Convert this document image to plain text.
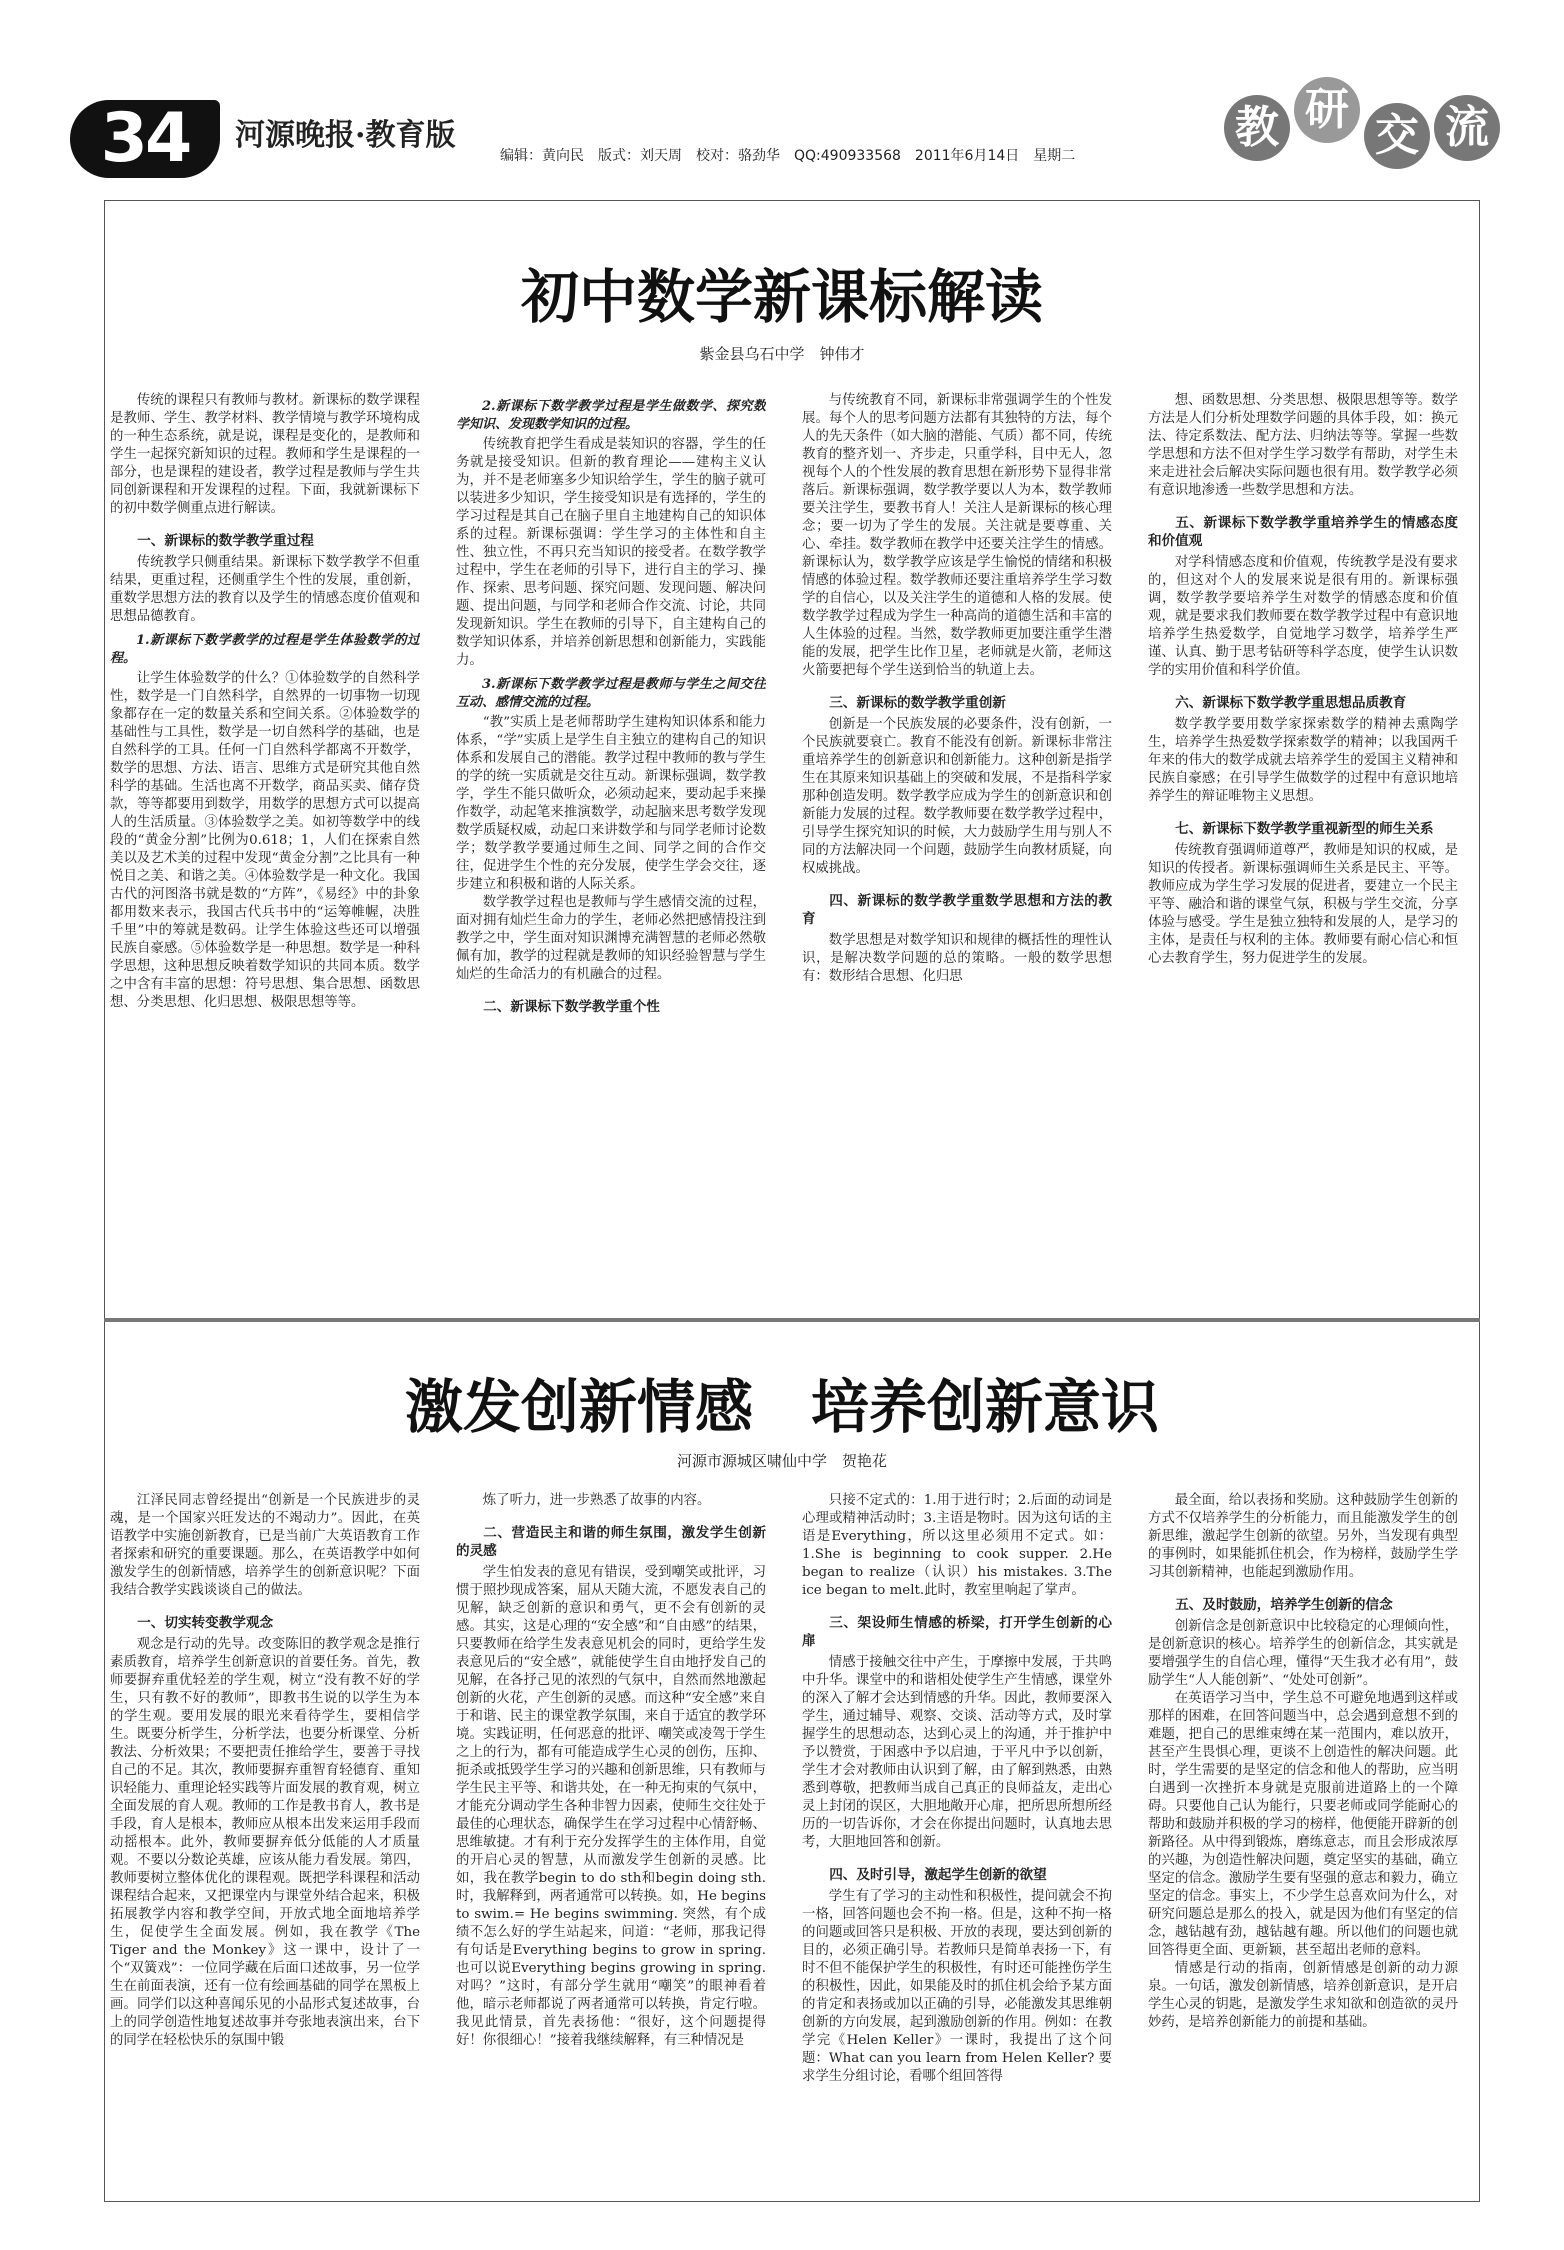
34	河源晚报·教育版
编辑：黄向民　版式：刘天周　校对：骆劲华　QQ:490933568　2011年6月14日　星期二
教 研
交 流
初中数学新课标解读
紫金县乌石中学　钟伟才

传统的课程只有教师与教材。新课标的数学课程是教师、学生、教学材料、教学情境与教学环境构成的一种生态系统，就是说，课程是变化的，是教师和学生一起探究新知识的过程。教师和学生是课程的一部分，也是课程的建设者，教学过程是教师与学生共同创新课程和开发课程的过程。下面，我就新课标下的初中数学侧重点进行解读。

一、新课标的数学教学重过程

传统教学只侧重结果。新课标下数学教学不但重结果，更重过程，还侧重学生个性的发展，重创新，重数学思想方法的教育以及学生的情感态度价值观和思想品德教育。

1.新课标下数学教学的过程是学生体验数学的过程。

让学生体验数学的什么？①体验数学的自然科学性，数学是一门自然科学，自然界的一切事物一切现象都存在一定的数量关系和空间关系。②体验数学的基础性与工具性，数学是一切自然科学的基础，也是自然科学的工具。任何一门自然科学都离不开数学，数学的思想、方法、语言、思维方式是研究其他自然科学的基础。生活也离不开数学，商品买卖、储存贷款，等等都要用到数学，用数学的思想方式可以提高人的生活质量。③体验数学之美。如初等数学中的线段的“黄金分割”比例为0.618；1，人们在探索自然美以及艺术美的过程中发现“黄金分割”之比具有一种悦目之美、和谐之美。④体验数学是一种文化。我国古代的河图洛书就是数的“方阵”，《易经》中的卦象都用数来表示，我国古代兵书中的“运筹帷幄，决胜千里”中的筹就是数码。让学生体验这些还可以增强民族自豪感。⑤体验数学是一种思想。数学是一种科学思想，这种思想反映着数学知识的共同本质。数学之中含有丰富的思想：符号思想、集合思想、函数思想、分类思想、化归思想、极限思想等等。

2.新课标下数学教学过程是学生做数学、探究数学知识、发现数学知识的过程。

传统教育把学生看成是装知识的容器，学生的任务就是接受知识。但新的教育理论——建构主义认为，并不是老师塞多少知识给学生，学生的脑子就可以装进多少知识，学生接受知识是有选择的，学生的学习过程是其自己在脑子里自主地建构自己的知识体系的过程。新课标强调：学生学习的主体性和自主性、独立性，不再只充当知识的接受者。在数学教学过程中，学生在老师的引导下，进行自主的学习、操作、探索、思考问题、探究问题、发现问题、解决问题、提出问题，与同学和老师合作交流、讨论，共同发现新知识。学生在教师的引导下，自主建构自己的数学知识体系，并培养创新思想和创新能力，实践能力。

3.新课标下数学教学过程是教师与学生之间交往互动、感情交流的过程。

“教”实质上是老师帮助学生建构知识体系和能力体系，“学”实质上是学生自主独立的建构自己的知识体系和发展自己的潜能。教学过程中教师的教与学生的学的统一实质就是交往互动。新课标强调，数学教学，学生不能只做听众，必须动起来，要动起手来操作数学，动起笔来推演数学，动起脑来思考数学发现数学质疑权威，动起口来讲数学和与同学老师讨论数学；数学教学要通过师生之间、同学之间的合作交往，促进学生个性的充分发展，使学生学会交往，逐步建立和积极和谐的人际关系。

数学教学过程也是教师与学生感情交流的过程，面对拥有灿烂生命力的学生，老师必然把感情投注到教学之中，学生面对知识渊博充满智慧的老师必然敬佩有加，教学的过程就是教师的知识经验智慧与学生灿烂的生命活力的有机融合的过程。

二、新课标下数学教学重个性

与传统教育不同，新课标非常强调学生的个性发展。每个人的思考问题方法都有其独特的方法，每个人的先天条件（如大脑的潜能、气质）都不同，传统教育的整齐划一、齐步走，只重学科，目中无人，忽视每个人的个性发展的教育思想在新形势下显得非常落后。新课标强调，数学教学要以人为本，数学教师要关注学生，要教书育人！关注人是新课标的核心理念；要一切为了学生的发展。关注就是要尊重、关心、牵挂。数学教师在教学中还要关注学生的情感。新课标认为，数学教学应该是学生愉悦的情绪和积极情感的体验过程。数学教师还要注重培养学生学习数学的自信心，以及关注学生的道德和人格的发展。使数学教学过程成为学生一种高尚的道德生活和丰富的人生体验的过程。当然，数学教师更加要注重学生潜能的发展，把学生比作卫星，老师就是火箭，老师这火箭要把每个学生送到恰当的轨道上去。

三、新课标的数学教学重创新

创新是一个民族发展的必要条件，没有创新，一个民族就要衰亡。教育不能没有创新。新课标非常注重培养学生的创新意识和创新能力。这种创新是指学生在其原来知识基础上的突破和发展，不是指科学家那种创造发明。数学教学应成为学生的创新意识和创新能力发展的过程。数学教师要在数学教学过程中，引导学生探究知识的时候，大力鼓励学生用与别人不同的方法解决同一个问题，鼓励学生向教材质疑，向权威挑战。

四、新课标的数学教学重数学思想和方法的教育

数学思想是对数学知识和规律的概括性的理性认识，是解决数学问题的总的策略。一般的数学思想有：数形结合思想、化归思

想、函数思想、分类思想、极限思想等等。数学方法是人们分析处理数学问题的具体手段，如：换元法、待定系数法、配方法、归纳法等等。掌握一些数学思想和方法不但对学生学习数学有帮助，对学生未来走进社会后解决实际问题也很有用。数学教学必须有意识地渗透一些数学思想和方法。

五、新课标下数学教学重培养学生的情感态度和价值观

对学科情感态度和价值观，传统教学是没有要求的，但这对个人的发展来说是很有用的。新课标强调，数学教学要培养学生对数学的情感态度和价值观，就是要求我们教师要在数学教学过程中有意识地培养学生热爱数学，自觉地学习数学，培养学生严谨、认真、勤于思考钻研等科学态度，使学生认识数学的实用价值和科学价值。

六、新课标下数学教学重思想品质教育

数学教学要用数学家探索数学的精神去熏陶学生，培养学生热爱数学探索数学的精神；以我国两千年来的伟大的数学成就去培养学生的爱国主义精神和民族自豪感；在引导学生做数学的过程中有意识地培养学生的辩证唯物主义思想。

七、新课标下数学教学重视新型的师生关系

传统教育强调师道尊严，教师是知识的权威，是知识的传授者。新课标强调师生关系是民主、平等。教师应成为学生学习发展的促进者，要建立一个民主平等、融洽和谐的课堂气氛，积极与学生交流，分享体验与感受。学生是独立独特和发展的人，是学习的主体，是责任与权利的主体。教师要有耐心信心和恒心去教育学生，努力促进学生的发展。

激发创新情感　培养创新意识
河源市源城区啸仙中学　贺艳花

江泽民同志曾经提出“创新是一个民族进步的灵魂，是一个国家兴旺发达的不竭动力”。因此，在英语教学中实施创新教育，已是当前广大英语教育工作者探索和研究的重要课题。那么，在英语教学中如何激发学生的创新情感，培养学生的创新意识呢？下面我结合教学实践谈谈自己的做法。

一、切实转变教学观念

观念是行动的先导。改变陈旧的教学观念是推行素质教育，培养学生创新意识的首要任务。首先，教师要摒弃重优轻差的学生观，树立“没有教不好的学生，只有教不好的教师”，即教书生说的以学生为本的学生观。要用发展的眼光来看待学生，要相信学生。既要分析学生，分析学法，也要分析课堂、分析教法、分析效果；不要把责任推给学生，要善于寻找自己的不足。其次，教师要摒弃重智育轻德育、重知识轻能力、重理论轻实践等片面发展的教育观，树立全面发展的育人观。教师的工作是教书育人，教书是手段，育人是根本，教师应从根本出发来运用手段而动摇根本。此外，教师要摒弃低分低能的人才质量观。不要以分数论英雄，应该从能力看发展。第四，教师要树立整体优化的课程观。既把学科课程和活动课程结合起来，又把课堂内与课堂外结合起来，积极拓展教学内容和教学空间，开放式地全面地培养学生，促使学生全面发展。例如，我在教学《The Tiger and the Monkey》这一课中，设计了一个“双簧戏”：一位同学藏在后面口述故事，另一位学生在前面表演，还有一位有绘画基础的同学在黑板上画。同学们以这种喜闻乐见的小品形式复述故事，台上的同学创造性地复述故事并夸张地表演出来，台下的同学在轻松快乐的氛围中锻

炼了听力，进一步熟悉了故事的内容。

二、营造民主和谐的师生氛围，激发学生创新的灵感

学生怕发表的意见有错误，受到嘲笑或批评，习惯于照抄现成答案，屈从天随大流，不愿发表自己的见解，缺乏创新的意识和勇气，更不会有创新的灵感。其实，这是心理的“安全感”和“自由感”的结果，只要教师在给学生发表意见机会的同时，更给学生发表意见后的“安全感”，就能使学生自由地抒发自己的见解，在各抒己见的浓烈的气氛中，自然而然地激起创新的火花，产生创新的灵感。而这种“安全感”来自于和谐、民主的课堂教学氛围，来自于适宜的教学环境。实践证明，任何恶意的批评、嘲笑或凌驾于学生之上的行为，都有可能造成学生心灵的创伤，压抑、扼杀或抵毁学生学习的兴趣和创新思维，只有教师与学生民主平等、和谐共处，在一种无拘束的气氛中，才能充分调动学生各种非智力因素，使师生交往处于最佳的心理状态，确保学生在学习过程中心情舒畅、思维敏捷。才有利于充分发挥学生的主体作用，自觉的开启心灵的智慧，从而激发学生创新的灵感。比如，我在教学begin to do sth和begin doing sth.时，我解释到，两者通常可以转换。如，He begins to swim.= He begins swimming. 突然，有个成绩不怎么好的学生站起来，问道：“老师，那我记得有句话是Everything begins to grow in spring.也可以说Everything begins growing in spring.对吗？”这时，有部分学生就用“嘲笑”的眼神看着他，暗示老师都说了两者通常可以转换，肯定行啦。我见此情景，首先表扬他：“很好，这个问题提得好！你很细心！”接着我继续解释，有三种情况是

只接不定式的：1.用于进行时；2.后面的动词是心理或精神活动时；3.主语是物时。因为这句话的主语是Everything，所以这里必须用不定式。如：1.She is beginning to cook supper. 2.He began to realize（认识）his mistakes. 3.The ice began to melt.此时，教室里响起了掌声。

三、架设师生情感的桥梁，打开学生创新的心扉

情感于接触交往中产生，于摩擦中发展，于共鸣中升华。课堂中的和谐相处使学生产生情感，课堂外的深入了解才会达到情感的升华。因此，教师要深入学生，通过辅导、观察、交谈、活动等方式，及时掌握学生的思想动态，达到心灵上的沟通，并于推护中予以赞赏，于困惑中予以启迪，于平凡中予以创新，学生才会对教师由认识到了解，由了解到熟悉，由熟悉到尊敬，把教师当成自己真正的良师益友，走出心灵上封闭的误区，大胆地敞开心扉，把所思所想所经历的一切告诉你，才会在你提出问题时，认真地去思考，大胆地回答和创新。

四、及时引导，激起学生创新的欲望

学生有了学习的主动性和积极性，提问就会不拘一格，回答问题也会不拘一格。但是，这种不拘一格的问题或回答只是积极、开放的表现，要达到创新的目的，必须正确引导。若教师只是简单表扬一下，有时不但不能保护学生的积极性，有时还可能挫伤学生的积极性，因此，如果能及时的抓住机会给予某方面的肯定和表扬或加以正确的引导，必能激发其思维朝创新的方向发展，起到激励创新的作用。例如：在教学完《Helen Keller》一课时，我提出了这个问题：What can you learn from Helen Keller? 要求学生分组讨论，看哪个组回答得

最全面，给以表扬和奖励。这种鼓励学生创新的方式不仅培养学生的分析能力，而且能激发学生的创新思维，激起学生创新的欲望。另外，当发现有典型的事例时，如果能抓住机会，作为榜样，鼓励学生学习其创新精神，也能起到激励作用。

五、及时鼓励，培养学生创新的信念

创新信念是创新意识中比较稳定的心理倾向性，是创新意识的核心。培养学生的创新信念，其实就是要增强学生的自信心理，懂得“天生我才必有用”，鼓励学生“人人能创新”、“处处可创新”。

在英语学习当中，学生总不可避免地遇到这样或那样的困难，在回答问题当中，总会遇到意想不到的难题，把自己的思维束缚在某一范围内，难以放开，甚至产生畏惧心理，更谈不上创造性的解决问题。此时，学生需要的是坚定的信念和他人的帮助，应当明白遇到一次挫折本身就是克服前进道路上的一个障碍。只要他自己认为能行，只要老师或同学能耐心的帮助和鼓励并积极的学习的榜样，他便能开辟新的创新路径。从中得到锻炼，磨练意志，而且会形成浓厚的兴趣，为创造性解决问题，奠定坚实的基础，确立坚定的信念。激励学生要有坚强的意志和毅力，确立坚定的信念。事实上，不少学生总喜欢问为什么，对研究问题总是那么的投入，就是因为他们有坚定的信念，越钻越有劲，越钻越有趣。所以他们的问题也就回答得更全面、更新颖，甚至超出老师的意料。

情感是行动的指南，创新情感是创新的动力源泉。一句话，激发创新情感，培养创新意识，是开启学生心灵的钥匙，是激发学生求知欲和创造欲的灵丹妙药，是培养创新能力的前提和基础。
